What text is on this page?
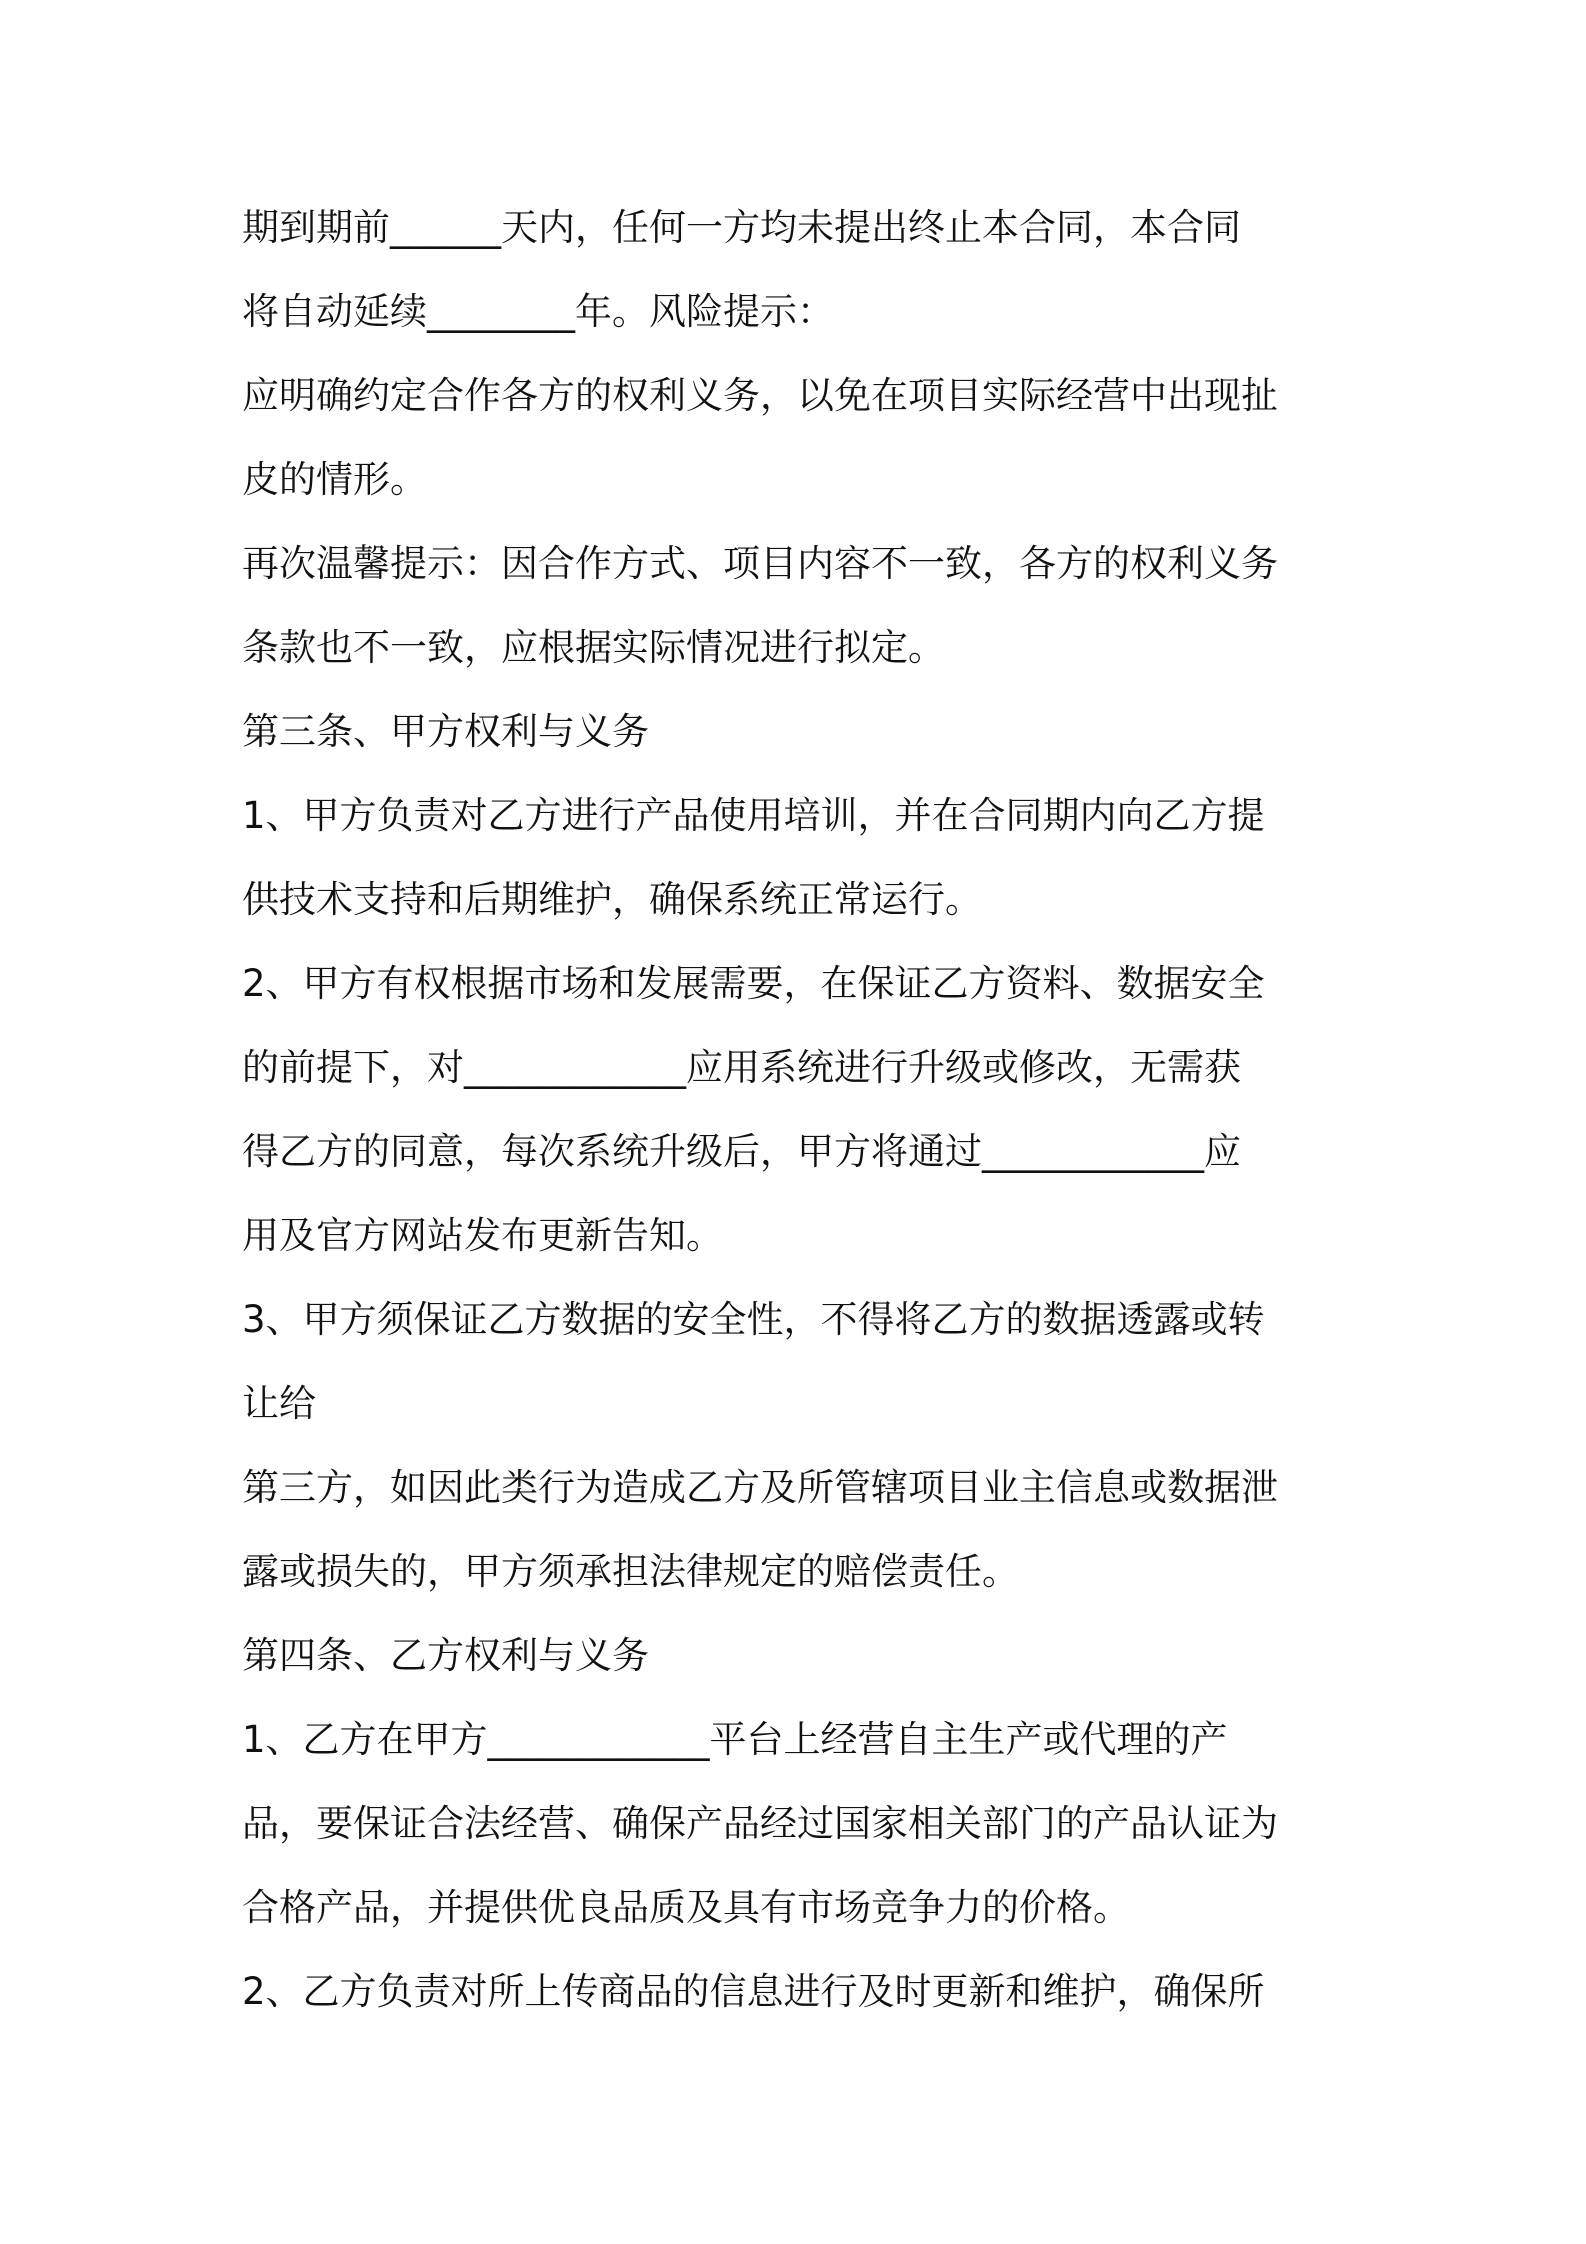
期到期前______天内，任何一方均未提出终止本合同，本合同
将自动延续________年。风险提示：
应明确约定合作各方的权利义务，以免在项目实际经营中出现扯
皮的情形。
再次温馨提示：因合作方式、项目内容不一致，各方的权利义务
条款也不一致，应根据实际情况进行拟定。
第三条、甲方权利与义务
1、甲方负责对乙方进行产品使用培训，并在合同期内向乙方提
供技术支持和后期维护，确保系统正常运行。
2、甲方有权根据市场和发展需要，在保证乙方资料、数据安全
的前提下，对____________应用系统进行升级或修改，无需获
得乙方的同意，每次系统升级后，甲方将通过____________应
用及官方网站发布更新告知。
3、甲方须保证乙方数据的安全性，不得将乙方的数据透露或转
让给
第三方，如因此类行为造成乙方及所管辖项目业主信息或数据泄
露或损失的，甲方须承担法律规定的赔偿责任。
第四条、乙方权利与义务
1、乙方在甲方____________平台上经营自主生产或代理的产
品，要保证合法经营、确保产品经过国家相关部门的产品认证为
合格产品，并提供优良品质及具有市场竞争力的价格。
2、乙方负责对所上传商品的信息进行及时更新和维护，确保所
